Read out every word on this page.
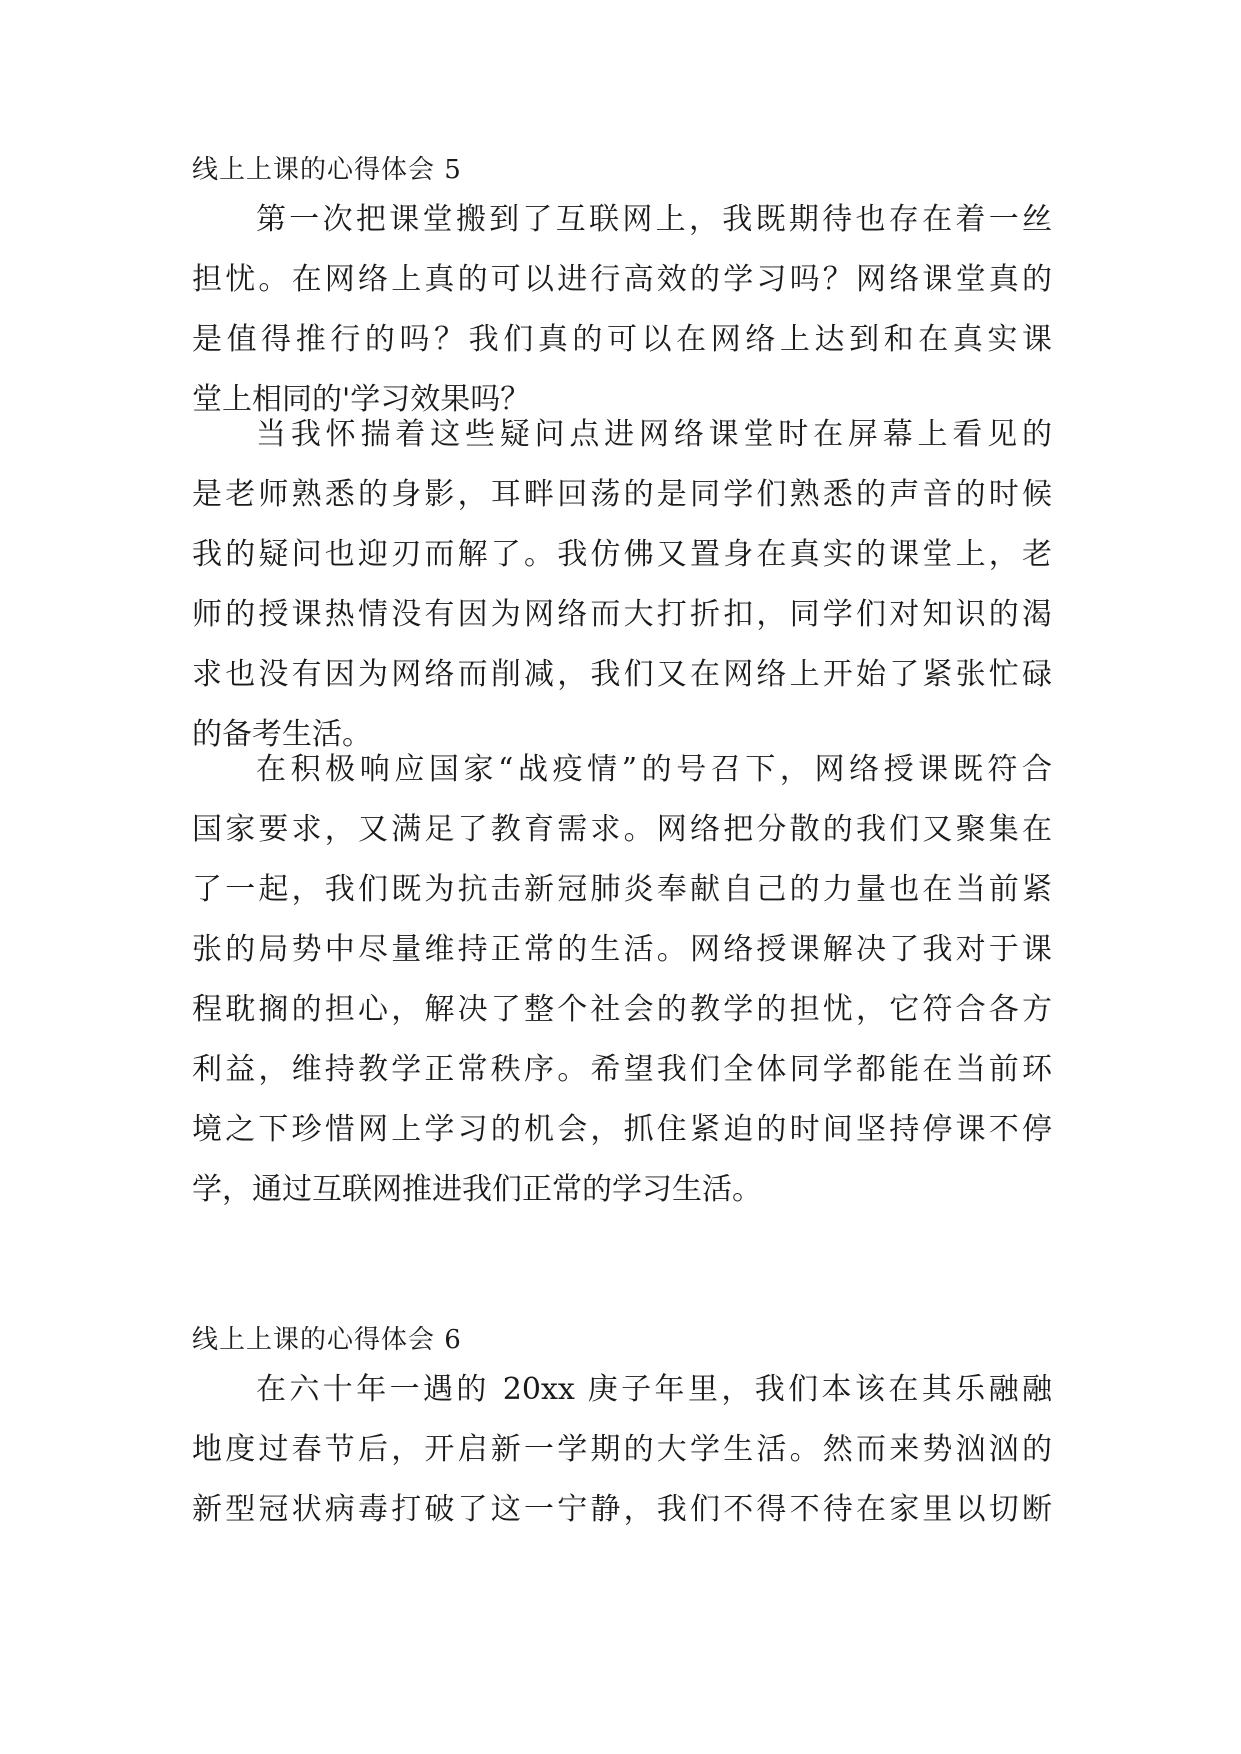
线上上课的心得体会 5
第一次把课堂搬到了互联网上，我既期待也存在着一丝
担忧。在网络上真的可以进行高效的学习吗？网络课堂真的
是值得推行的吗？我们真的可以在网络上达到和在真实课
堂上相同的'学习效果吗？
当我怀揣着这些疑问点进网络课堂时在屏幕上看见的
是老师熟悉的身影，耳畔回荡的是同学们熟悉的声音的时候
我的疑问也迎刃而解了。我仿佛又置身在真实的课堂上，老
师的授课热情没有因为网络而大打折扣，同学们对知识的渴
求也没有因为网络而削减，我们又在网络上开始了紧张忙碌
的备考生活。
在积极响应国家“战疫情”的号召下，网络授课既符合
国家要求，又满足了教育需求。网络把分散的我们又聚集在
了一起，我们既为抗击新冠肺炎奉献自己的力量也在当前紧
张的局势中尽量维持正常的生活。网络授课解决了我对于课
程耽搁的担心，解决了整个社会的教学的担忧，它符合各方
利益，维持教学正常秩序。希望我们全体同学都能在当前环
境之下珍惜网上学习的机会，抓住紧迫的时间坚持停课不停
学，通过互联网推进我们正常的学习生活。
线上上课的心得体会 6
在六十年一遇的 20xx 庚子年里，我们本该在其乐融融
地度过春节后，开启新一学期的大学生活。然而来势汹汹的
新型冠状病毒打破了这一宁静，我们不得不待在家里以切断
